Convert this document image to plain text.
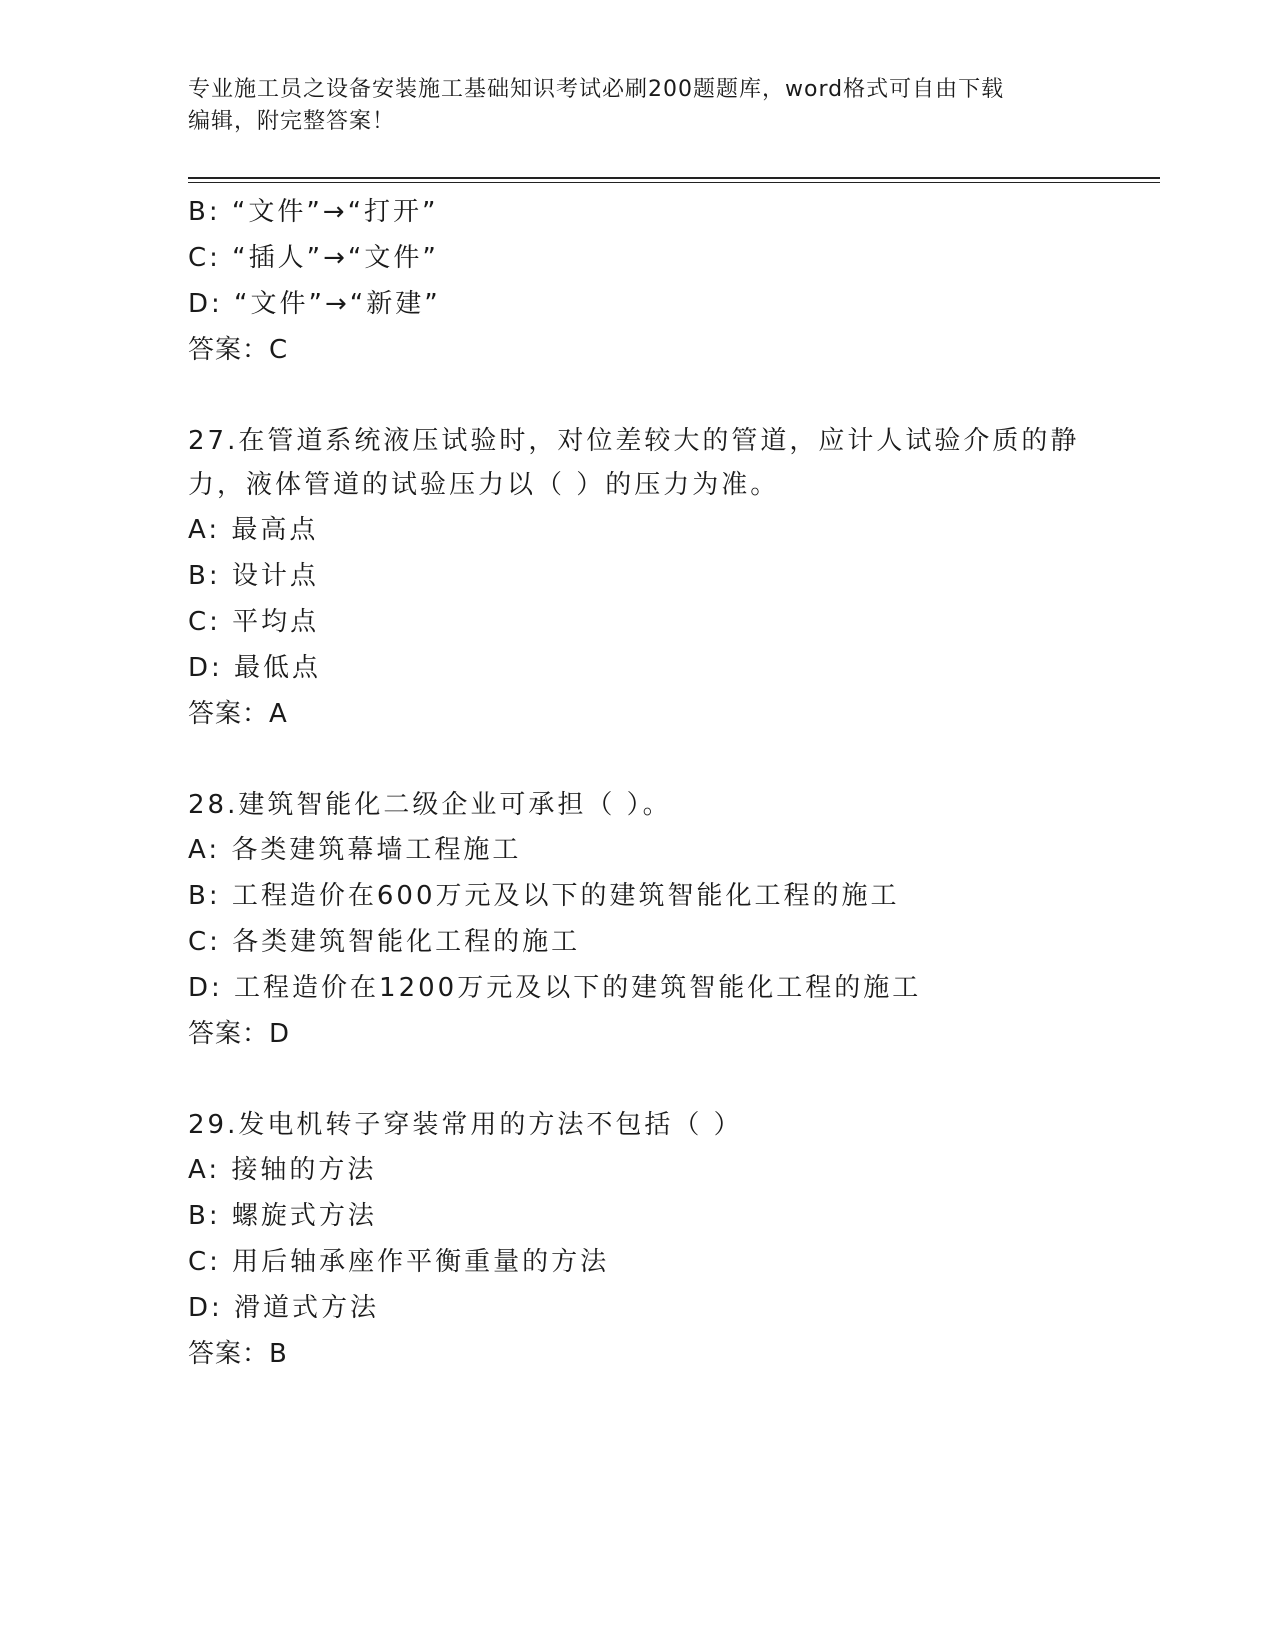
专业施工员之设备安装施工基础知识考试必刷200题题库，word格式可自由下载
编辑，附完整答案！
B: “文件”→“打开”
C: “插人”→“文件”
D: “文件”→“新建”
答案：C
27.在管道系统液压试验时，对位差较大的管道，应计人试验介质的静
力，液体管道的试验压力以（ ）的压力为准。
A: 最高点
B: 设计点
C: 平均点
D: 最低点
答案：A
28.建筑智能化二级企业可承担（ ）。
A: 各类建筑幕墙工程施工
B: 工程造价在600万元及以下的建筑智能化工程的施工
C: 各类建筑智能化工程的施工
D: 工程造价在1200万元及以下的建筑智能化工程的施工
答案：D
29.发电机转子穿装常用的方法不包括（ ）
A: 接轴的方法
B: 螺旋式方法
C: 用后轴承座作平衡重量的方法
D: 滑道式方法
答案：B
